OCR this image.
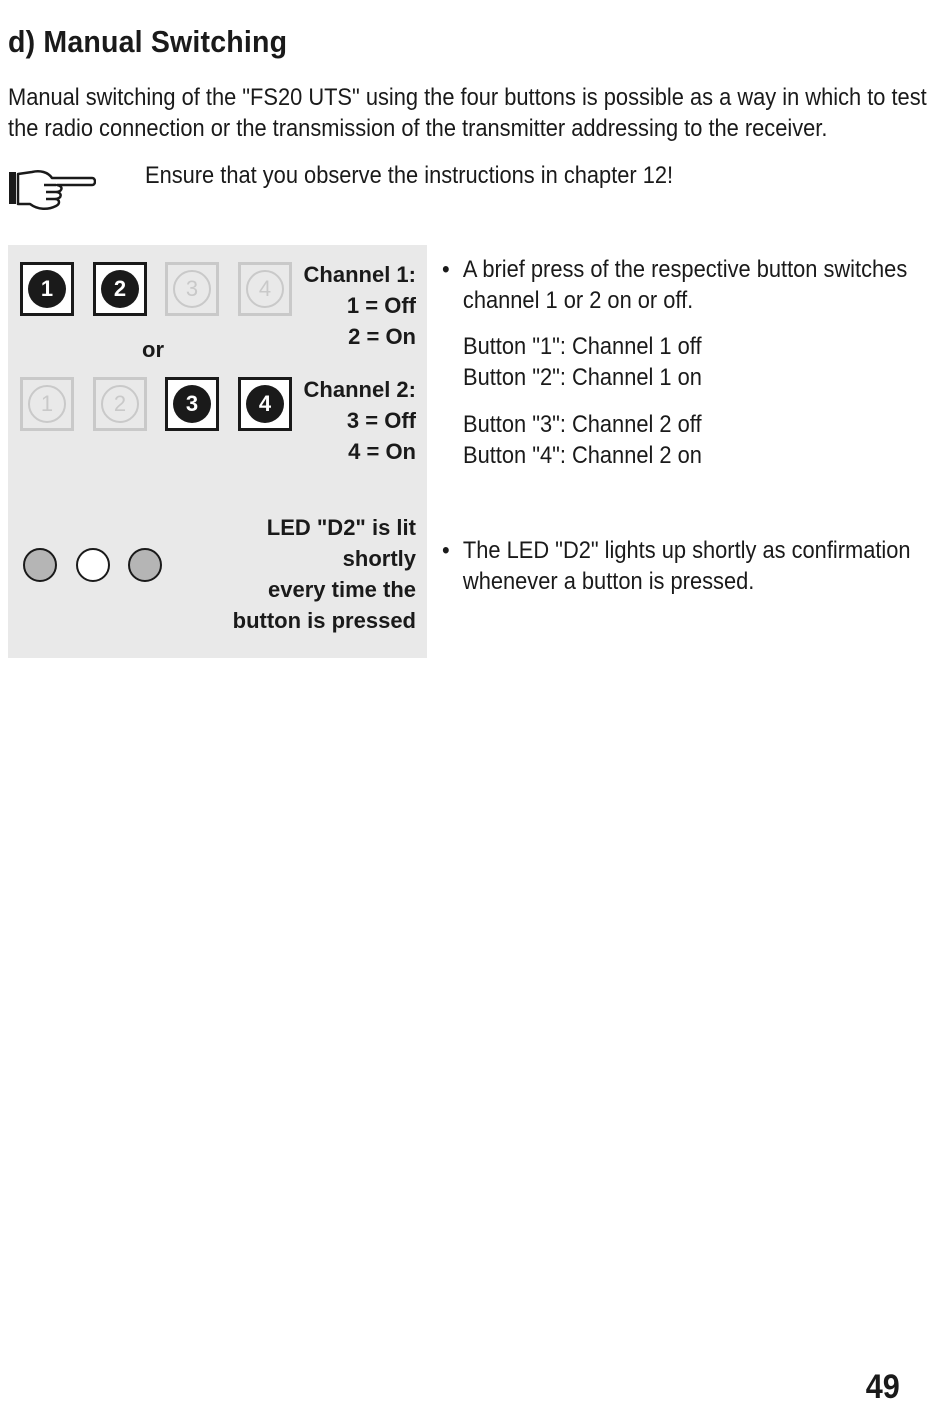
d) Manual Switching
Manual switching of the "FS20 UTS" using the four buttons is possible as a way in which to test
the radio connection or the transmission of the transmitter addressing to the receiver.
Ensure that you observe the instructions in chapter 12!
1	2	3	4
Channel 1:
1 = Off
2 = On
or
1	2	3	4
Channel 2:
3 = Off
4 = On
LED "D2" is lit
shortly
every time the
button is pressed
• A brief press of the respective button switches
channel 1 or 2 on or off.
Button "1": Channel 1 off
Button "2": Channel 1 on
Button "3": Channel 2 off
Button "4": Channel 2 on
• The LED "D2" lights up shortly as confirmation
whenever a button is pressed.
49
